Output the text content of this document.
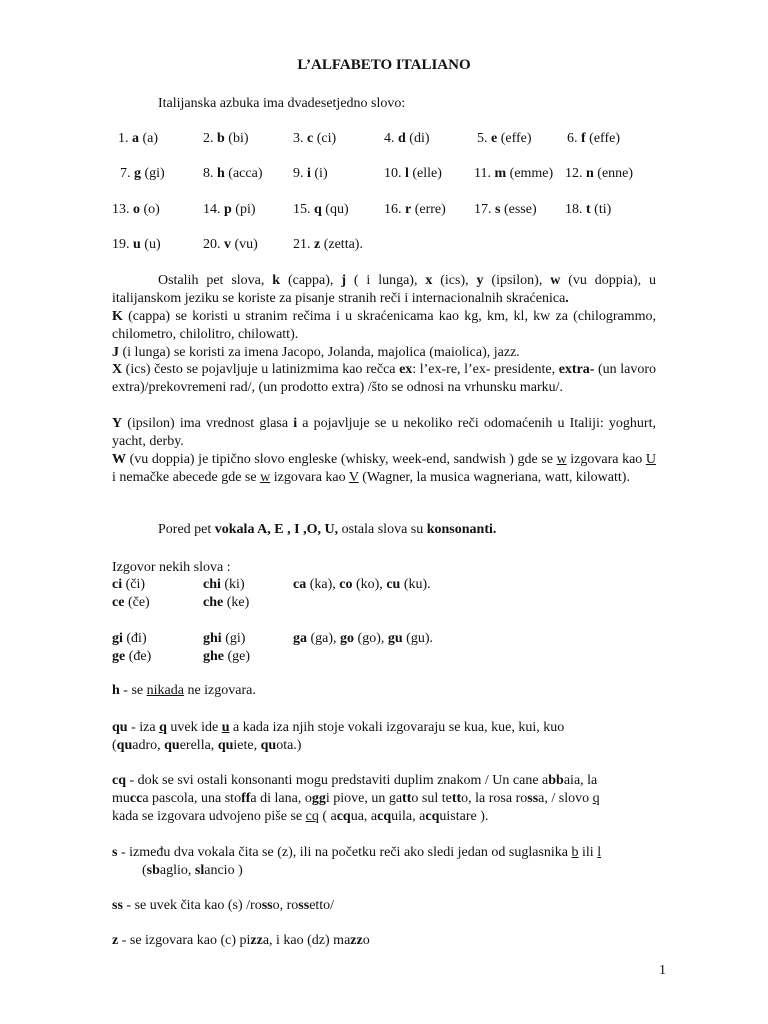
L’ALFABETO ITALIANO
Italijanska azbuka ima dvadesetjedno slovo:
1. a (a)	2. b (bi)	3. c (ci)	4. d (di)	5. e (effe)	6. f (effe)
7. g (gi)	8. h (acca) 9. i (i)	10. l (elle) 11. m (emme) 12. n (enne)
13. o (o)	14. p (pi)	15. q (qu)	16. r (erre) 17. s (esse) 18. t (ti)
19. u (u)	20. v (vu)	21. z (zetta).
Ostalih pet slova, k (cappa), j ( i lunga), x (ics), y (ipsilon), w (vu doppia), u italijanskom jeziku se koriste za pisanje stranih reči i internacionalnih skraćenica.
K (cappa) se koristi u stranim rečima i u skraćenicama kao kg, km, kl, kw za (chilogrammo, chilometro, chilolitro, chilowatt).
J (i lunga) se koristi za imena Jacopo, Jolanda, majolica (maiolica), jazz.
X (ics) često se pojavljuje u latinizmima kao rečca ex: l’ex-re, l’ex- presidente, extra- (un lavoro extra)/prekovremeni rad/, (un prodotto extra) /što se odnosi na vrhunsku marku/.
Y (ipsilon) ima vrednost glasa i a pojavljuje se u nekoliko reči odomaćenih u Italiji: yoghurt, yacht, derby.
W (vu doppia) je tipično slovo engleske (whisky, week-end, sandwish ) gde se w izgovara kao U i nemačke abecede gde se w izgovara kao V (Wagner, la musica wagneriana, watt, kilowatt).
Pored pet vokala A, E , I ,O, U, ostala slova su konsonanti.
Izgovor nekih slova :
ci (či)	chi (ki)	ca (ka), co (ko), cu (ku).
ce (če)	che (ke)
gi (đi)	ghi (gi)	ga (ga), go (go), gu (gu).
ge (đe)	ghe (ge)
h - se nikada ne izgovara.
qu - iza q uvek ide u a kada iza njih stoje vokali izgovaraju se kua, kue, kui, kuo
(quadro, querella, quiete, quota.)
cq - dok se svi ostali konsonanti mogu predstaviti duplim znakom / Un cane abbaia, la
mucca pascola, una stoffa di lana, oggi piove, un gatto sul tetto, la rosa rossa, / slovo q
kada se izgovara udvojeno piše se cq ( acqua, acquila, acquistare ).
s - između dva vokala čita se (z), ili na početku reči ako sledi jedan od suglasnika b ili l
(sbaglio, slancio )
ss - se uvek čita kao (s) /rosso, rossetto/
z - se izgovara kao (c) pizza, i kao (dz) mazzo
1
